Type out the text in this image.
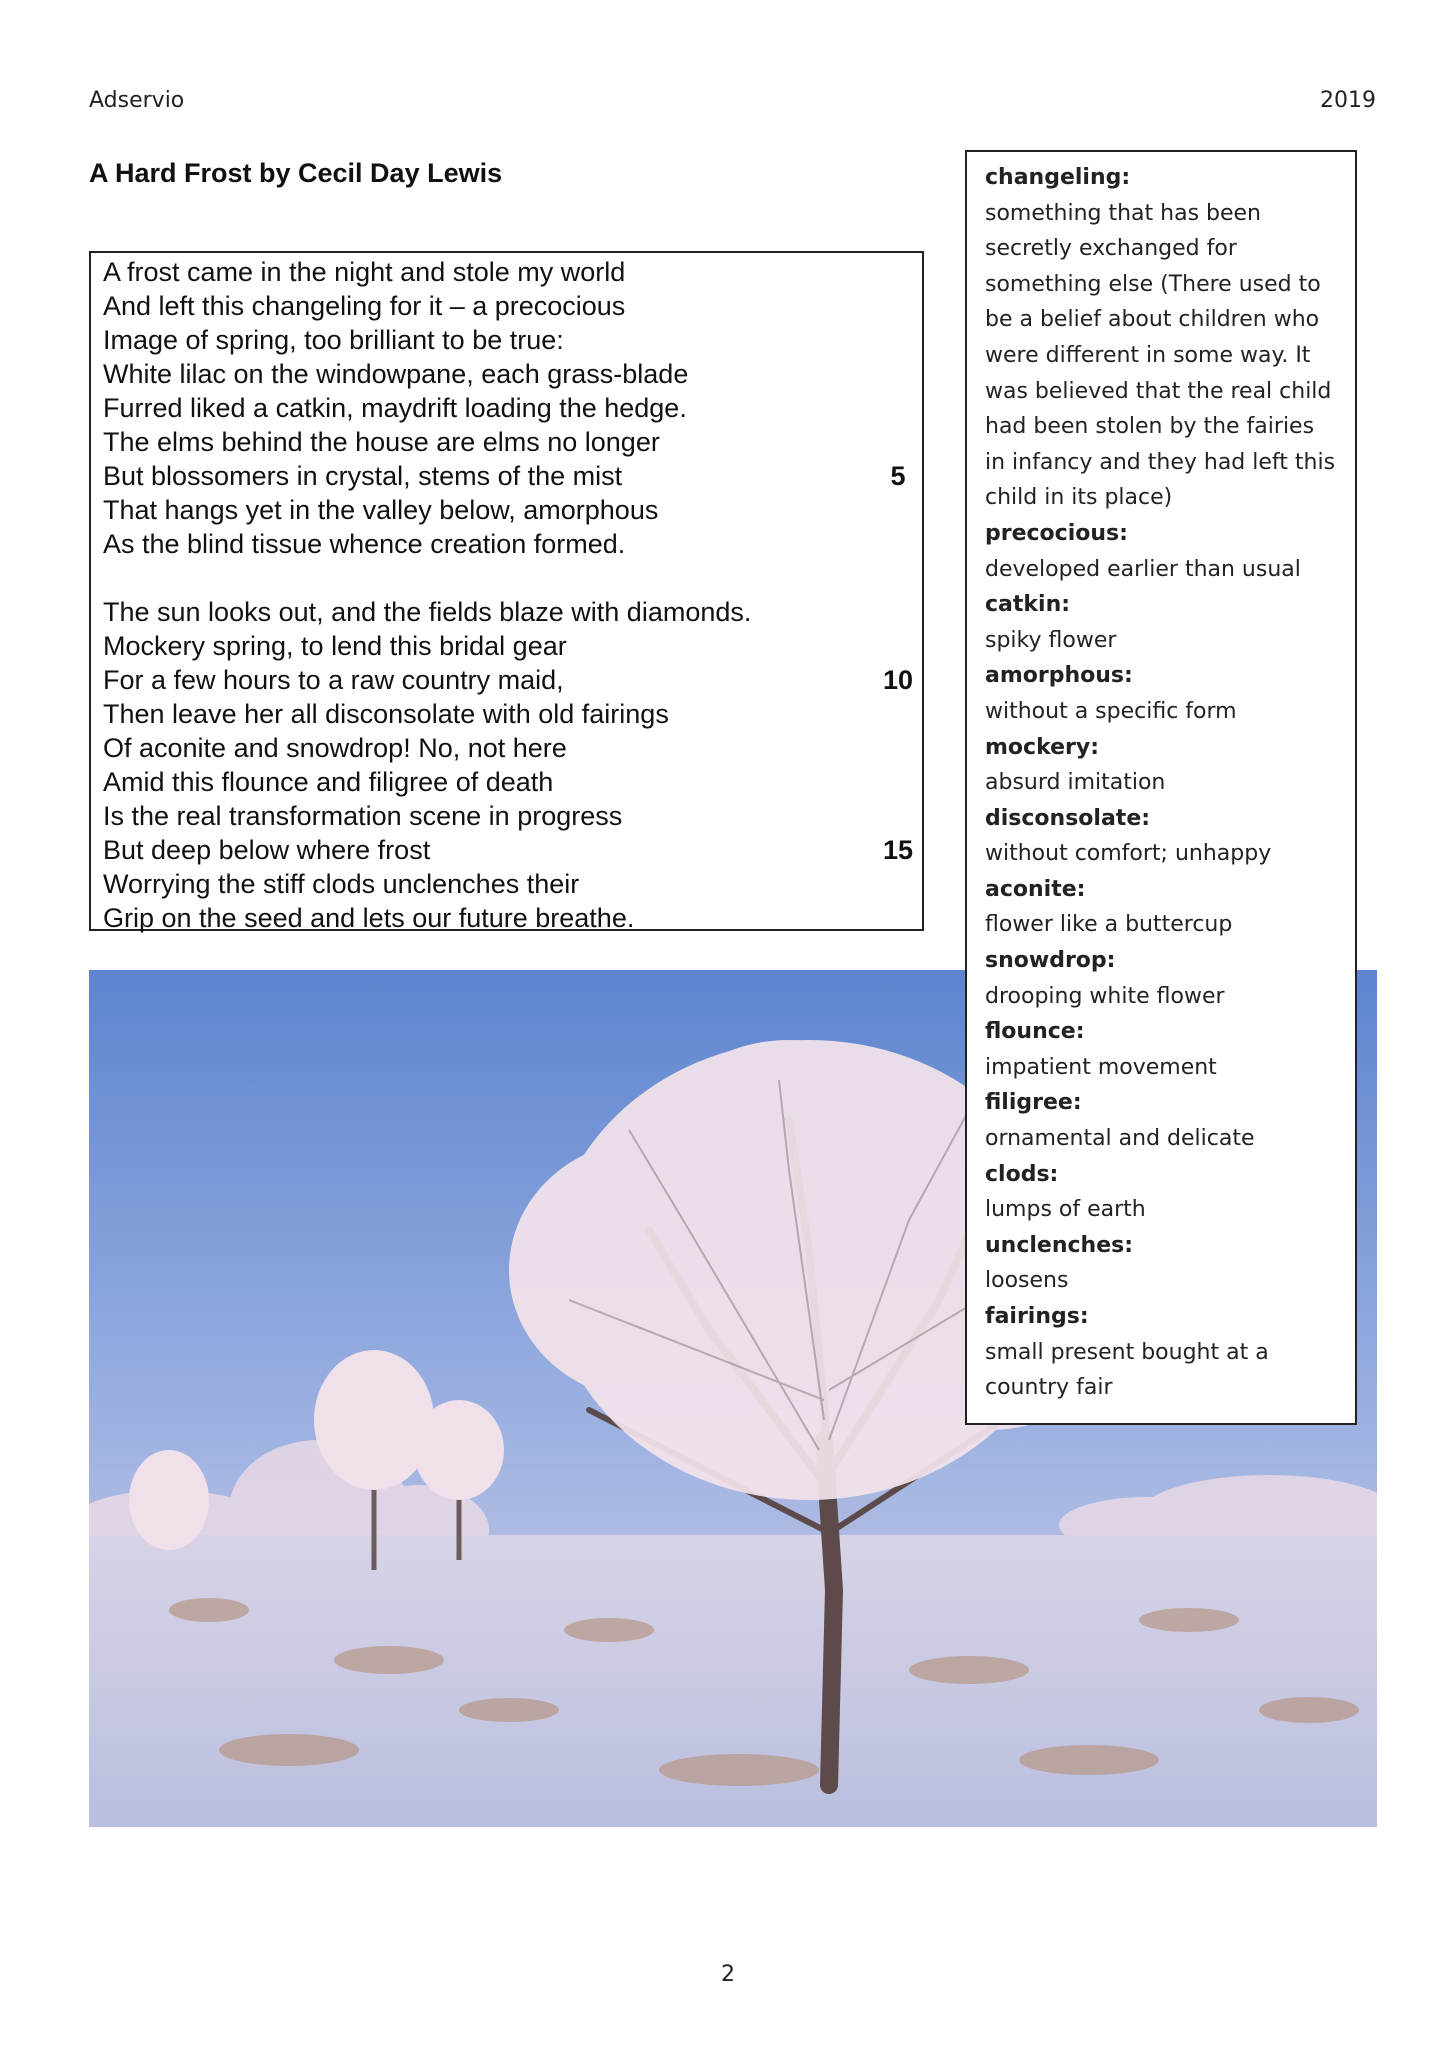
Adservio	2019
A Hard Frost by Cecil Day Lewis
A frost came in the night and stole my world
And left this changeling for it – a precocious
Image of spring, too brilliant to be true:
White lilac on the windowpane, each grass-blade
Furred liked a catkin, maydrift loading the hedge.
The elms behind the house are elms no longer
But blossomers in crystal, stems of the mist	5
That hangs yet in the valley below, amorphous
As the blind tissue whence creation formed.
The sun looks out, and the fields blaze with diamonds.
Mockery spring, to lend this bridal gear
For a few hours to a raw country maid,	10
Then leave her all disconsolate with old fairings
Of aconite and snowdrop! No, not here
Amid this flounce and filigree of death
Is the real transformation scene in progress
But deep below where frost	15
Worrying the stiff clods unclenches their
Grip on the seed and lets our future breathe.
changeling:
something that has been
secretly exchanged for
something else (There used to
be a belief about children who
were different in some way. It
was believed that the real child
had been stolen by the fairies
in infancy and they had left this
child in its place)
precocious:
developed earlier than usual
catkin:
spiky flower
amorphous:
without a specific form
mockery:
absurd imitation
disconsolate:
without comfort; unhappy
aconite:
flower like a buttercup
snowdrop:
drooping white flower
flounce:
impatient movement
filigree:
ornamental and delicate
clods:
lumps of earth
unclenches:
loosens
fairings:
small present bought at a
country fair
2
